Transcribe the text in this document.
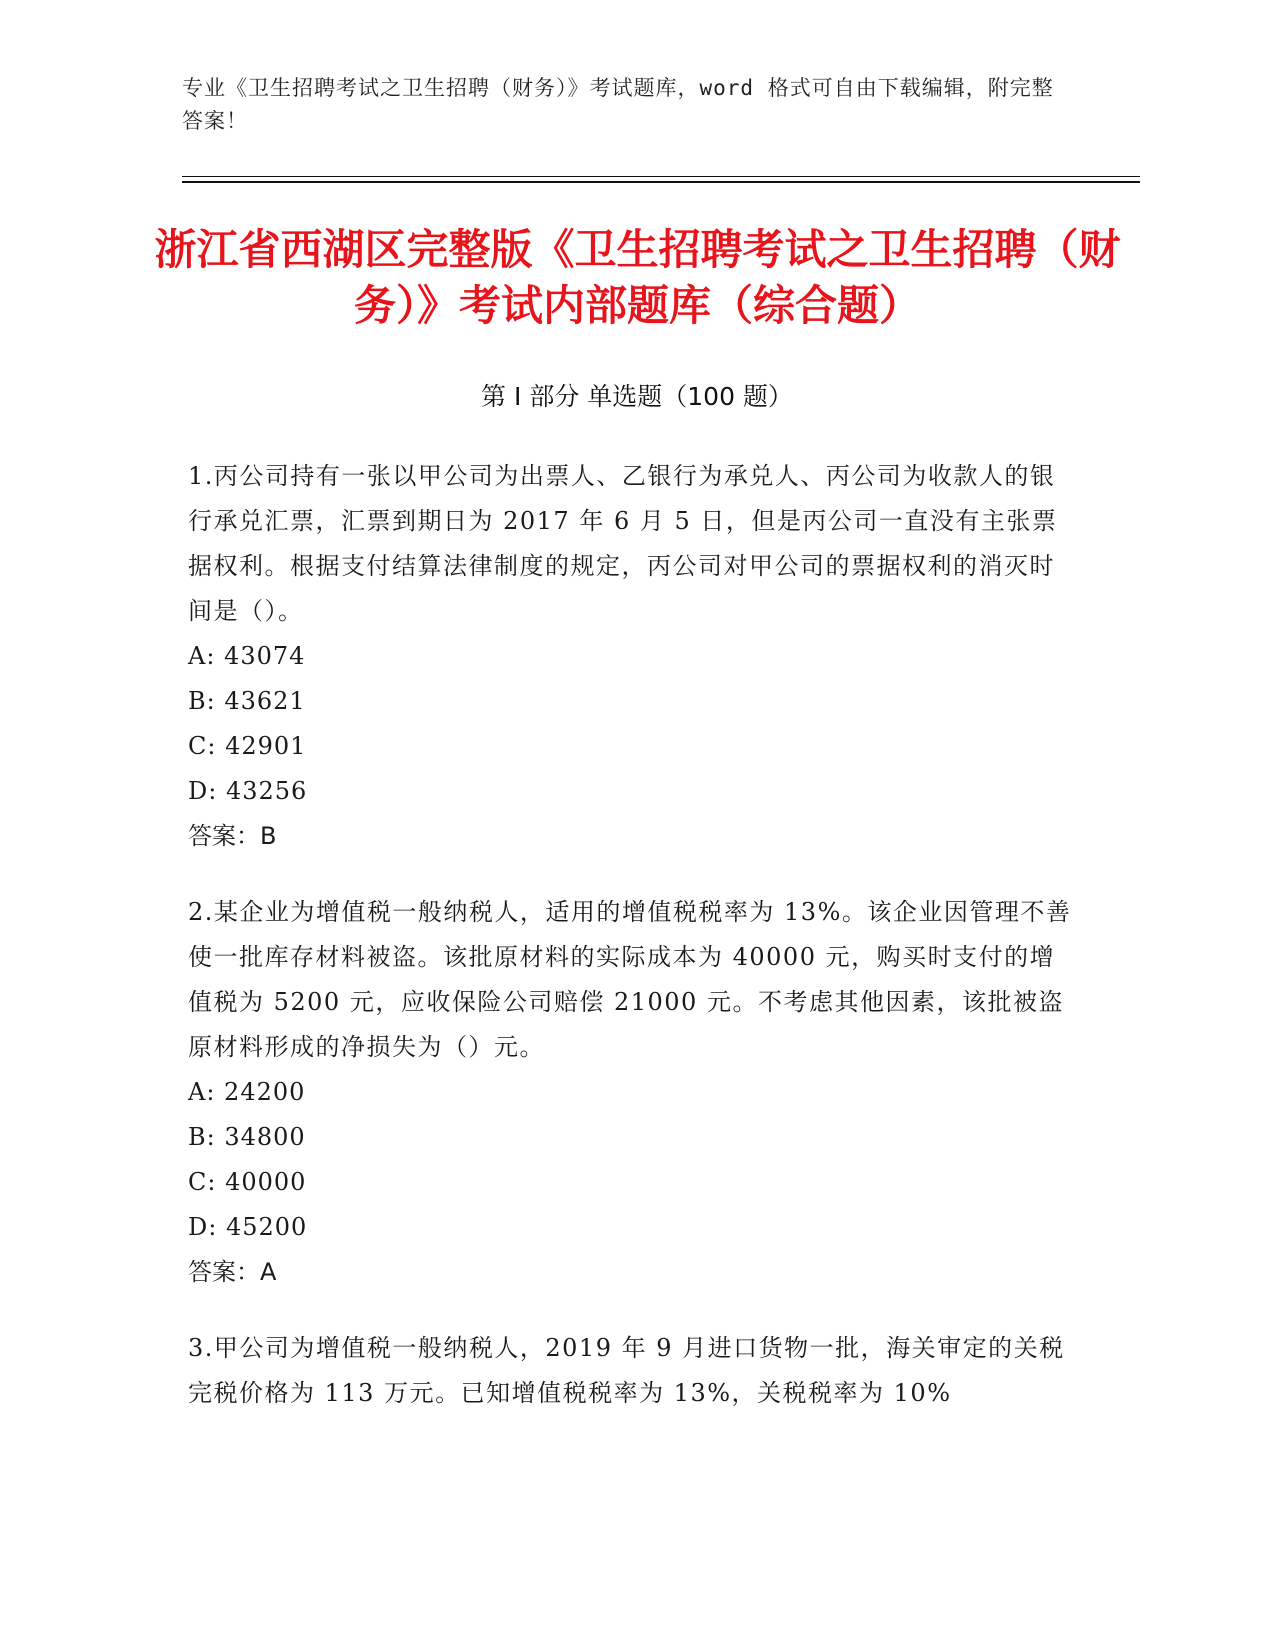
专业《卫生招聘考试之卫生招聘（财务）》考试题库，word 格式可自由下载编辑，附完整答案！
浙江省西湖区完整版《卫生招聘考试之卫生招聘（财务）》考试内部题库（综合题）
第 I 部分 单选题（100 题）

1.丙公司持有一张以甲公司为出票人、乙银行为承兑人、丙公司为收款人的银行承兑汇票，汇票到期日为 2017 年 6 月 5 日，但是丙公司一直没有主张票据权利。根据支付结算法律制度的规定，丙公司对甲公司的票据权利的消灭时间是（）。

A: 43074

B: 43621

C: 42901

D: 43256

答案：B

2.某企业为增值税一般纳税人，适用的增值税税率为 13%。该企业因管理不善使一批库存材料被盗。该批原材料的实际成本为 40000 元，购买时支付的增值税为 5200 元，应收保险公司赔偿 21000 元。不考虑其他因素，该批被盗原材料形成的净损失为（）元。

A: 24200

B: 34800

C: 40000

D: 45200

答案：A

3.甲公司为增值税一般纳税人，2019 年 9 月进口货物一批，海关审定的关税完税价格为 113 万元。已知增值税税率为 13%，关税税率为 10%
